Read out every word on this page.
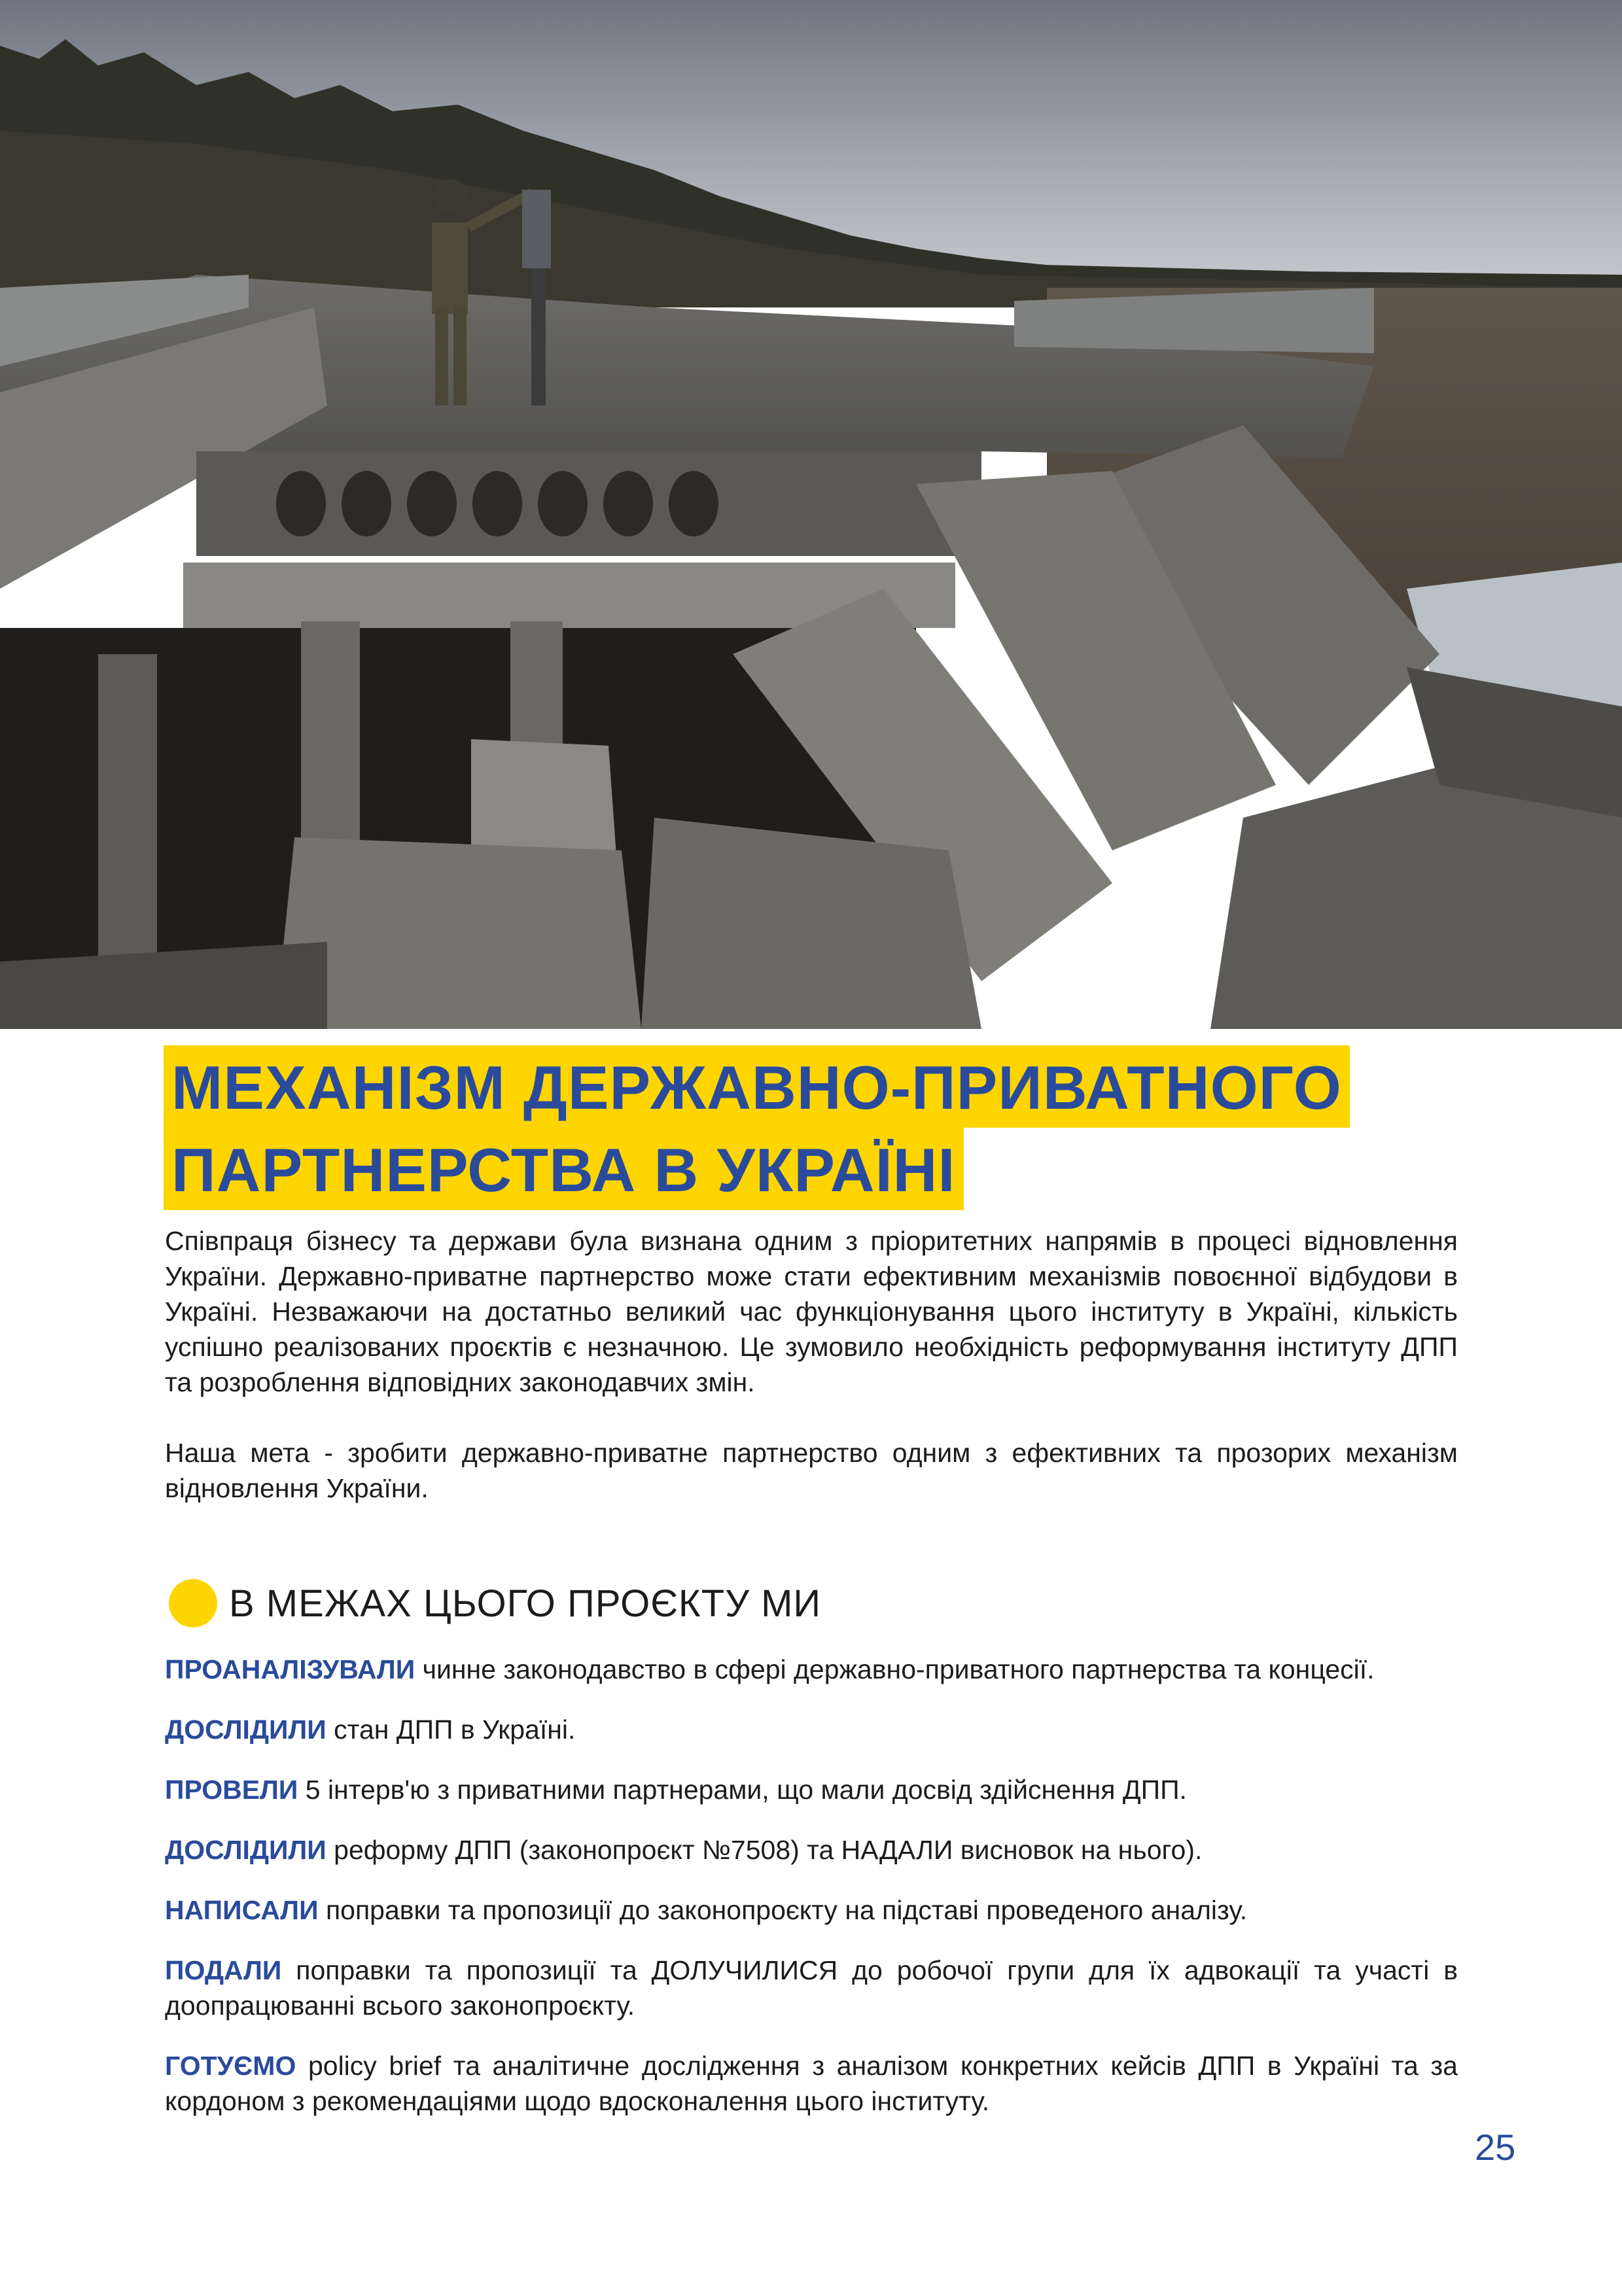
МЕХАНІЗМ ДЕРЖАВНО-ПРИВАТНОГО
ПАРТНЕРСТВА В УКРАЇНІ

Співпраця бізнесу та держави була визнана одним з пріоритетних напрямів в процесі відновлення України. Державно-приватне партнерство може стати ефективним механізмів повоєнної відбудови в Україні. Незважаючи на достатньо великий час функціонування цього інституту в Україні, кількість успішно реалізованих проєктів є незначною. Це зумовило необхідність реформування інституту ДПП та розроблення відповідних законодавчих змін.

Наша мета - зробити державно-приватне партнерство одним з ефективних та прозорих механізм відновлення України.

В МЕЖАХ ЦЬОГО ПРОЄКТУ МИ

ПРОАНАЛІЗУВАЛИ чинне законодавство в сфері державно-приватного партнерства та концесії.

ДОСЛІДИЛИ стан ДПП в Україні.

ПРОВЕЛИ 5 інтерв'ю з приватними партнерами, що мали досвід здійснення ДПП.

ДОСЛІДИЛИ реформу ДПП (законопроєкт №7508) та НАДАЛИ висновок на нього).

НАПИСАЛИ поправки та пропозиції до законопроєкту на підставі проведеного аналізу.

ПОДАЛИ поправки та пропозиції та ДОЛУЧИЛИСЯ до робочої групи для їх адвокації та участі в доопрацюванні всього законопроєкту.

ГОТУЄМО policy brief та аналітичне дослідження з аналізом конкретних кейсів ДПП в Україні та за кордоном з рекомендаціями щодо вдосконалення цього інституту.

25
